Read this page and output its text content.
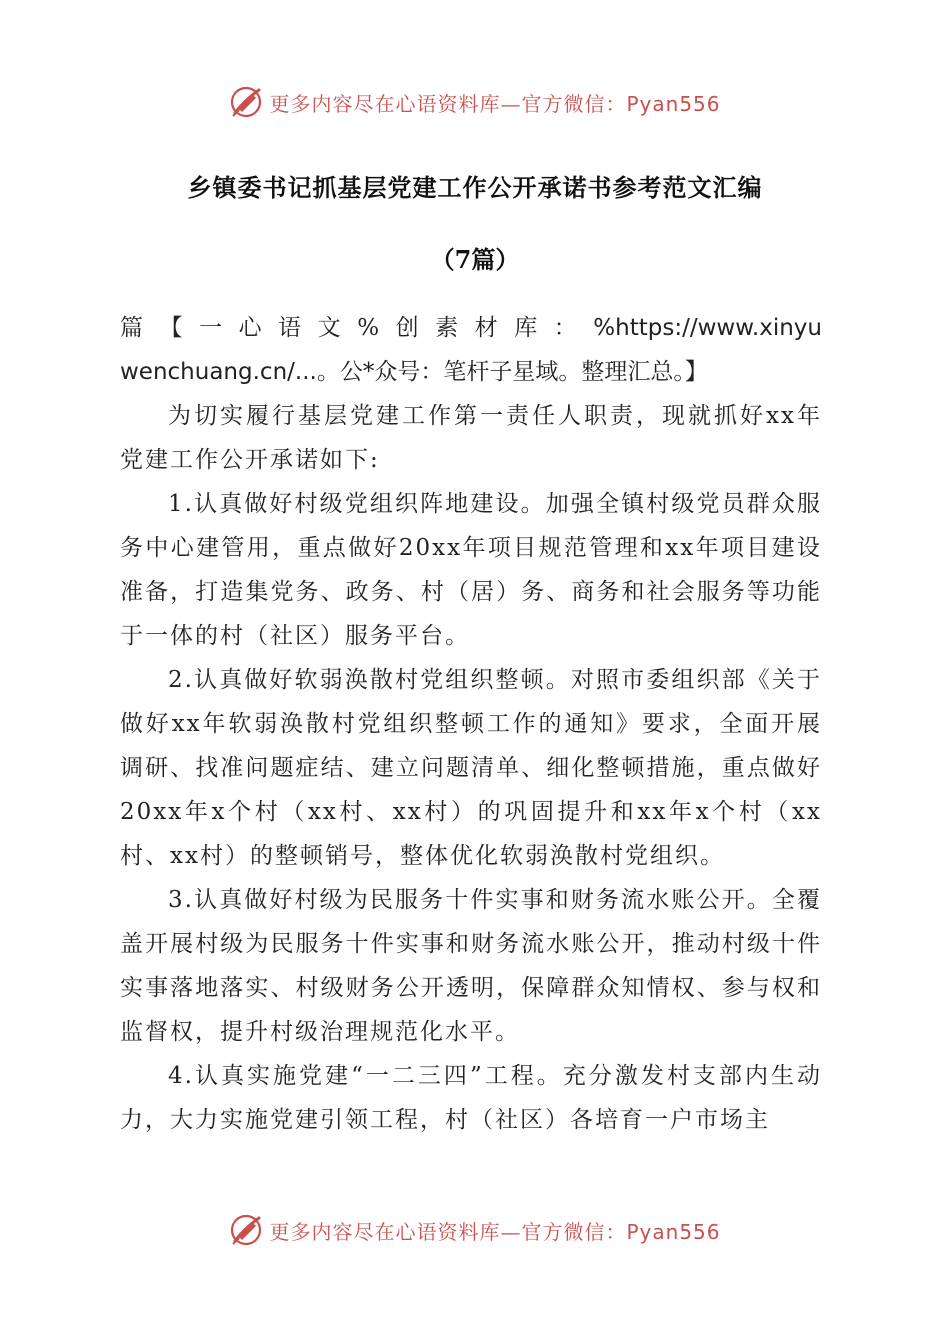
更多内容尽在心语资料库—官方微信：Pyan556
乡镇委书记抓基层党建工作公开承诺书参考范文汇编
（7篇）

篇【一心语文%创素材库：%https://www.xinyuwenchuang.cn/...。公*众号：笔杆子星域。整理汇总。】

为切实履行基层党建工作第一责任人职责，现就抓好xx年党建工作公开承诺如下:

1.认真做好村级党组织阵地建设。加强全镇村级党员群众服务中心建管用，重点做好20xx年项目规范管理和xx年项目建设准备，打造集党务、政务、村（居）务、商务和社会服务等功能于一体的村（社区）服务平台。

2.认真做好软弱涣散村党组织整顿。对照市委组织部《关于做好xx年软弱涣散村党组织整顿工作的通知》要求，全面开展调研、找准问题症结、建立问题清单、细化整顿措施，重点做好20xx年x个村（xx村、xx村）的巩固提升和xx年x个村（xx村、xx村）的整顿销号，整体优化软弱涣散村党组织。

3.认真做好村级为民服务十件实事和财务流水账公开。全覆盖开展村级为民服务十件实事和财务流水账公开，推动村级十件实事落地落实、村级财务公开透明，保障群众知情权、参与权和监督权，提升村级治理规范化水平。

4.认真实施党建“一二三四”工程。充分激发村支部内生动力，大力实施党建引领工程，村（社区）各培育一户市场主

更多内容尽在心语资料库—官方微信：Pyan556
